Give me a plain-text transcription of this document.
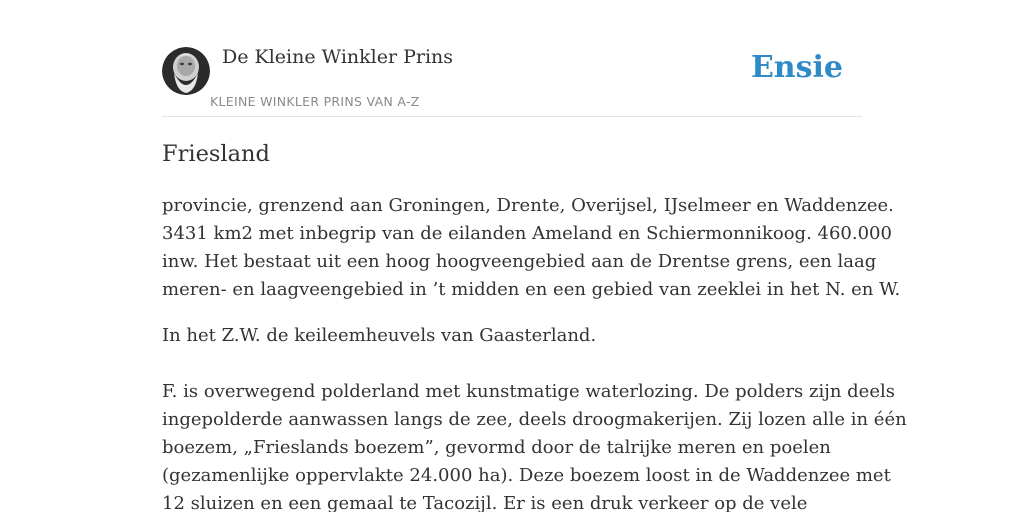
De Kleine Winkler Prins
KLEINE WINKLER PRINS VAN A-Z
Ensie
Friesland

provincie, grenzend aan Groningen, Drente, Overijsel, IJselmeer en Waddenzee.
3431 km2 met inbegrip van de eilanden Ameland en Schiermonnikoog. 460.000
inw. Het bestaat uit een hoog hoogveengebied aan de Drentse grens, een laag
meren- en laagveengebied in ’t midden en een gebied van zeeklei in het N. en W.

In het Z.W. de keileemheuvels van Gaasterland.

F. is overwegend polderland met kunstmatige waterlozing. De polders zijn deels
ingepolderde aanwassen langs de zee, deels droogmakerijen. Zij lozen alle in één
boezem, „Frieslands boezem”, gevormd door de talrijke meren en poelen
(gezamenlijke oppervlakte 24.000 ha). Deze boezem loost in de Waddenzee met
12 sluizen en een gemaal te Tacozijl. Er is een druk verkeer op de vele
